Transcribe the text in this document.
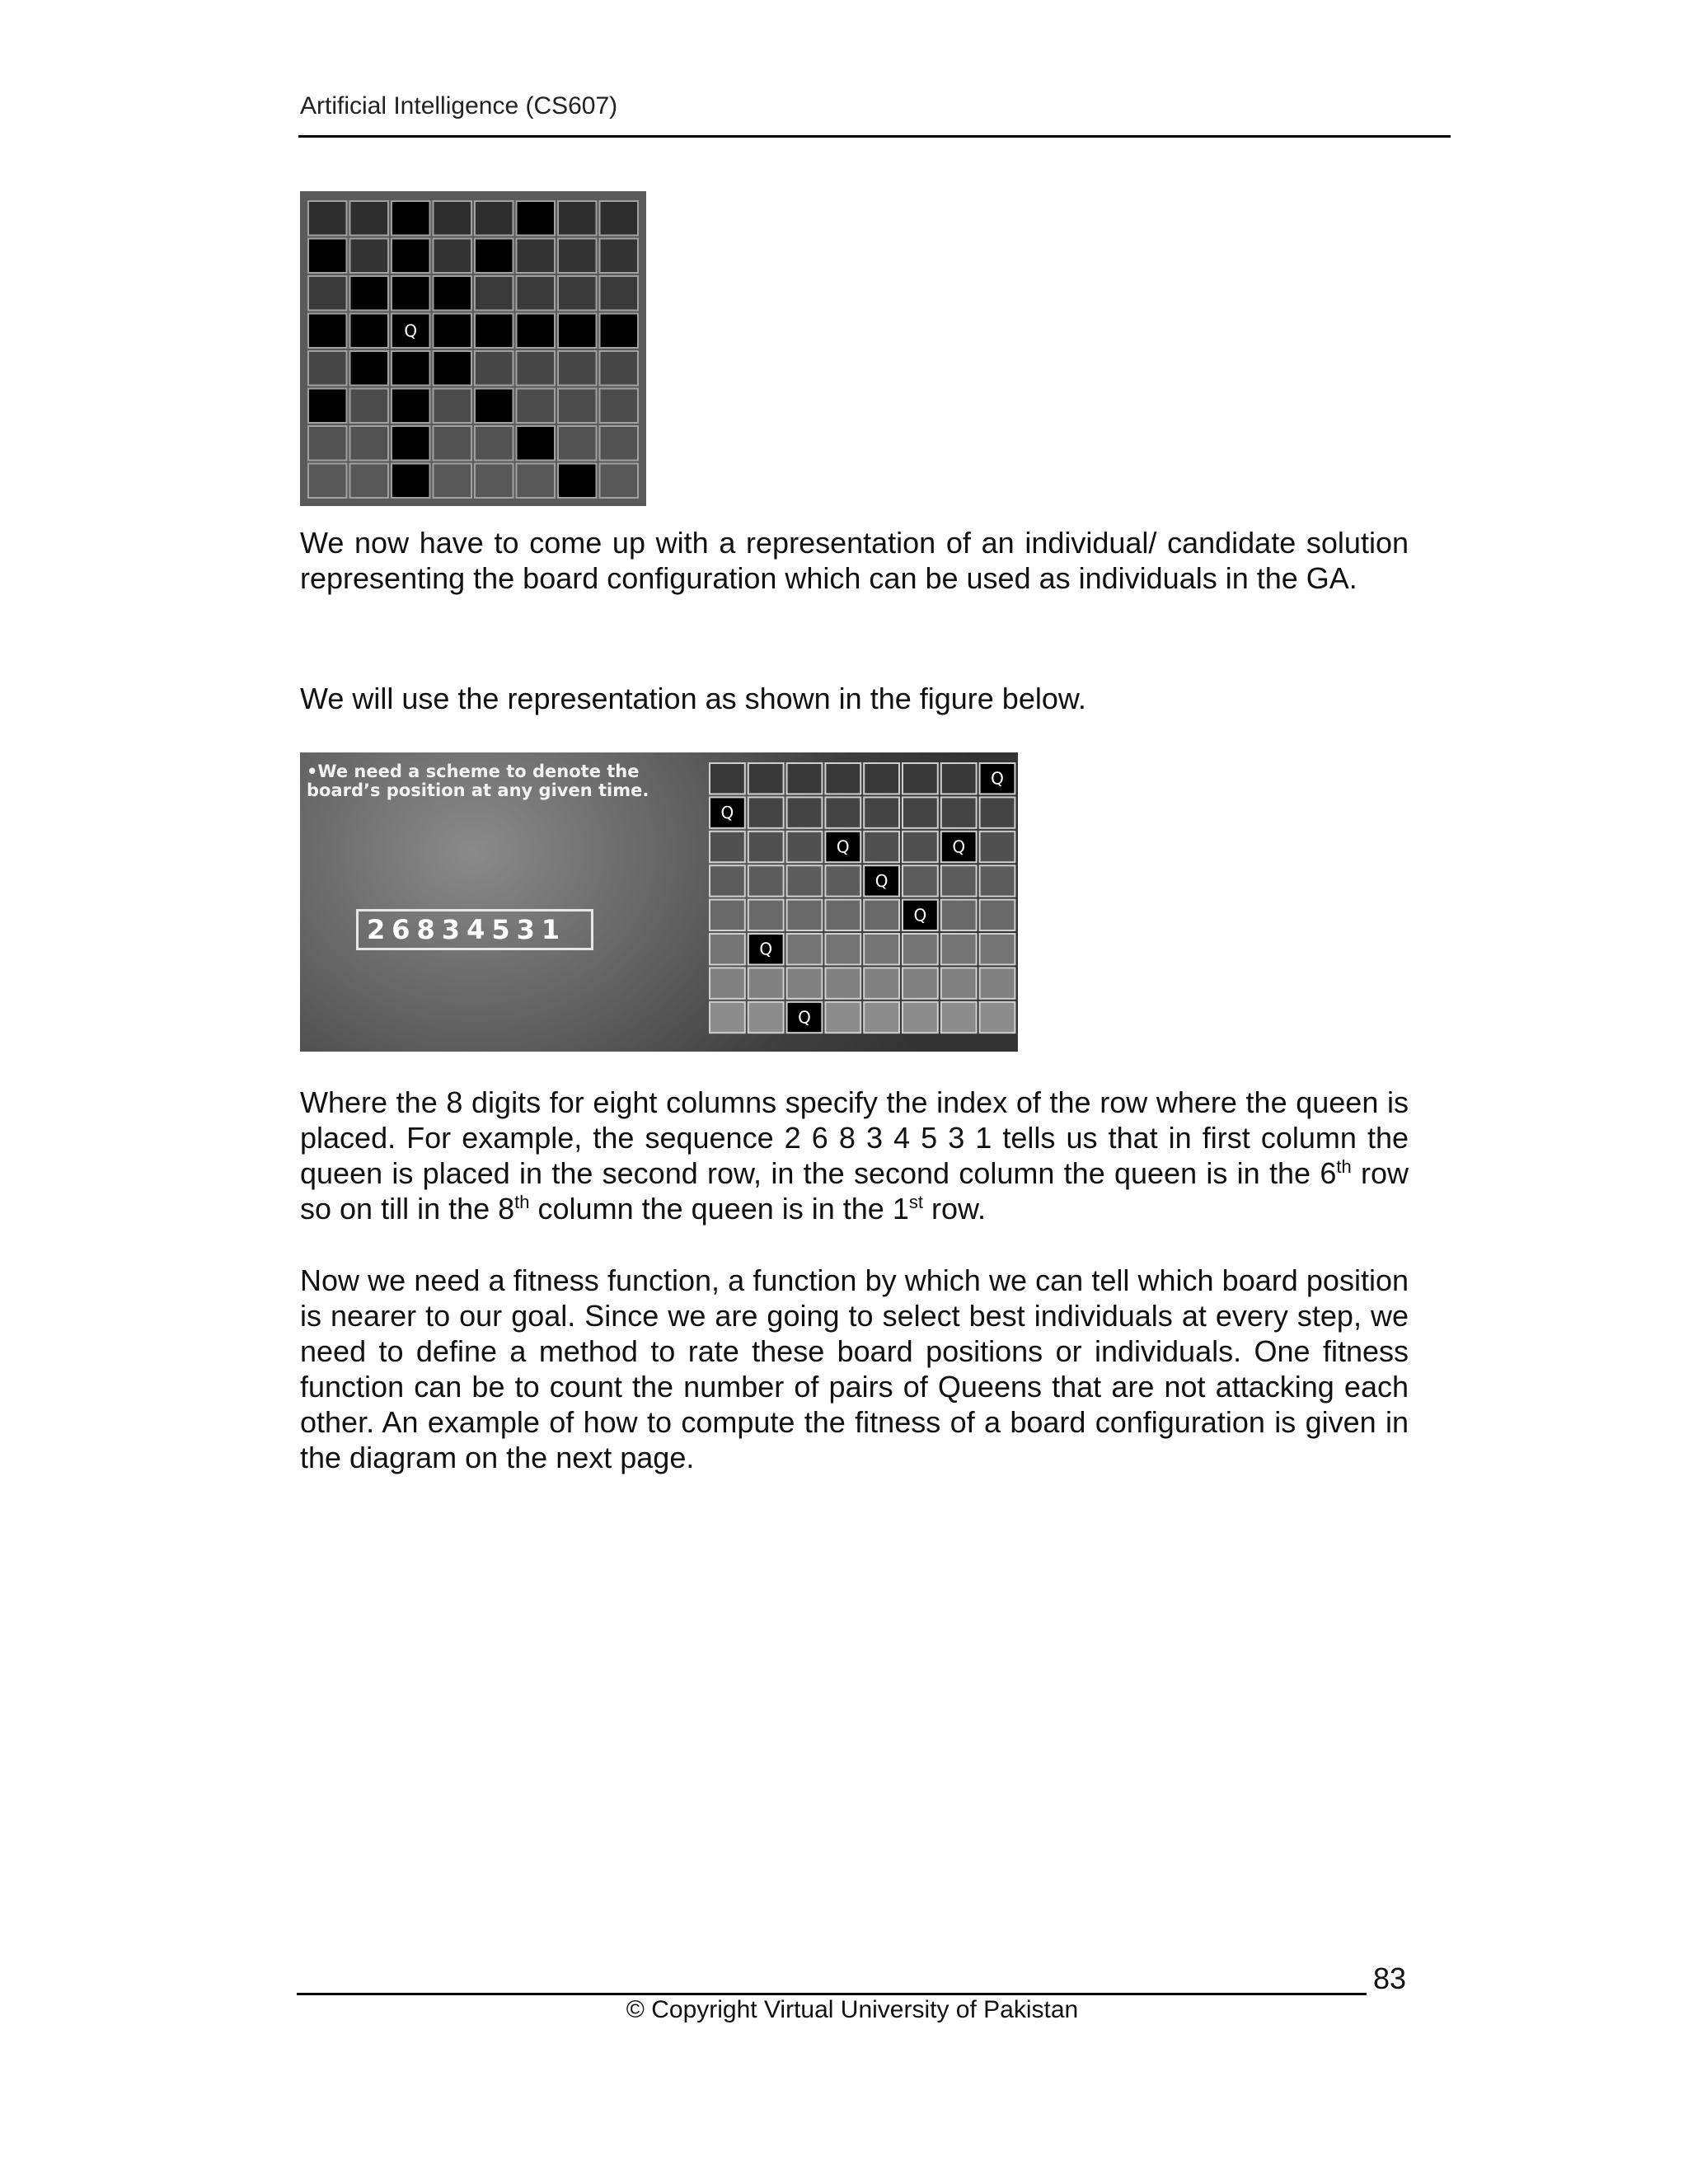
Artificial Intelligence (CS607)
Q

We now have to come up with a representation of an individual/ candidate solution representing the board configuration which can be used as individuals in the GA.

We will use the representation as shown in the figure below.

•We need a scheme to denote the
board’s position at any given time.
26834531
Q
Q
Q	Q
Q
Q
Q
Q

Where the 8 digits for eight columns specify the index of the row where the queen is placed. For example, the sequence 2 6 8 3 4 5 3 1 tells us that in first column the queen is placed in the second row, in the second column the queen is in the 6th row so on till in the 8th column the queen is in the 1st row.

Now we need a fitness function, a function by which we can tell which board position is nearer to our goal. Since we are going to select best individuals at every step, we need to define a method to rate these board positions or individuals. One fitness function can be to count the number of pairs of Queens that are not attacking each other. An example of how to compute the fitness of a board configuration is given in the diagram on the next page.

83
© Copyright Virtual University of Pakistan
